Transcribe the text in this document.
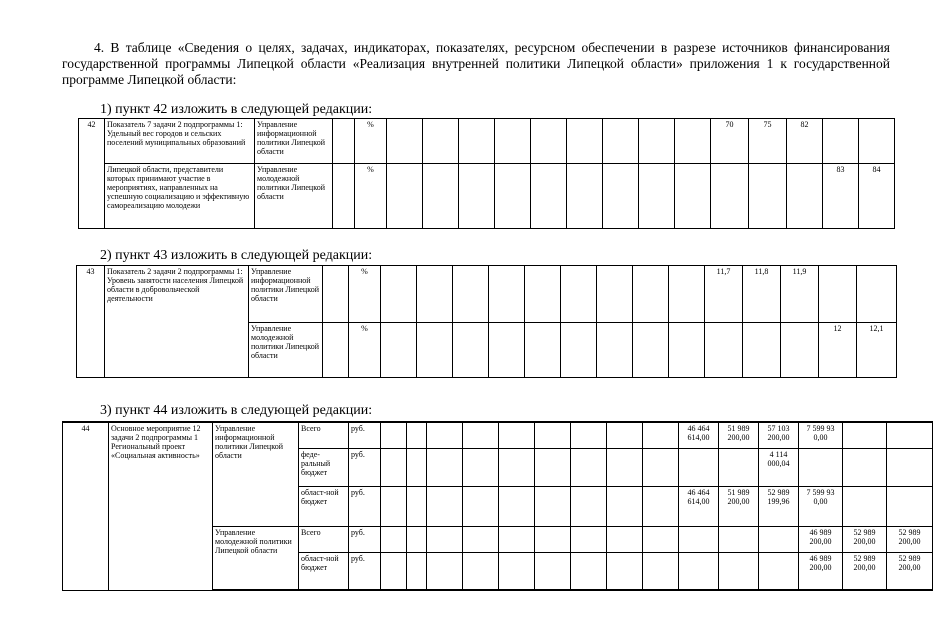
4. В таблице «Сведения о целях, задачах, индикаторах, показателях, ресурсном обеспечении в разрезе источников финансирования государственной программы Липецкой области «Реализация внутренней политики Липецкой области» приложения 1 к государственной программе Липецкой области:
1) пункт 42 изложить в следующей редакции:
42	Показатель 7 задачи 2 подпрограммы 1: Удельный вес городов и сельских поселений муниципальных образований	Управление информационной политики Липецкой области		%										70	75	82			
	Липецкой области, представители которых принимают участие в мероприятиях, направленных на успешную социализацию и эффективную самореализацию молодежи	Управление молодежной политики Липецкой области		%													83	84	
2) пункт 43 изложить в следующей редакции:
43	Показатель 2 задачи 2 подпрограммы 1: Уровень занятости населения Липецкой области в добровольческой деятельности	Управление информационной политики Липецкой области		%										11,7	11,8	11,9			
		Управление молодежной политики Липецкой области		%													12	12,1	
3) пункт 44 изложить в следующей редакции:
44	Основное мероприятие 12 задачи 2 подпрограммы 1 Региональный проект «Социальная активность»	Управление информационной политики Липецкой области	Всего	руб.										46 464 614,00	51 989 200,00	57 103 200,00	7 599 93 0,00		
			феде-ральный бюджет	руб.												4 114 000,04			
			област-ной бюджет	руб.										46 464 614,00	51 989 200,00	52 989 199,96	7 599 93 0,00		
		Управление молодежной политики Липецкой области	Всего	руб.													46 989 200,00	52 989 200,00	52 989 200,00
			област-ной бюджет	руб.													46 989 200,00	52 989 200,00	52 989 200,00
